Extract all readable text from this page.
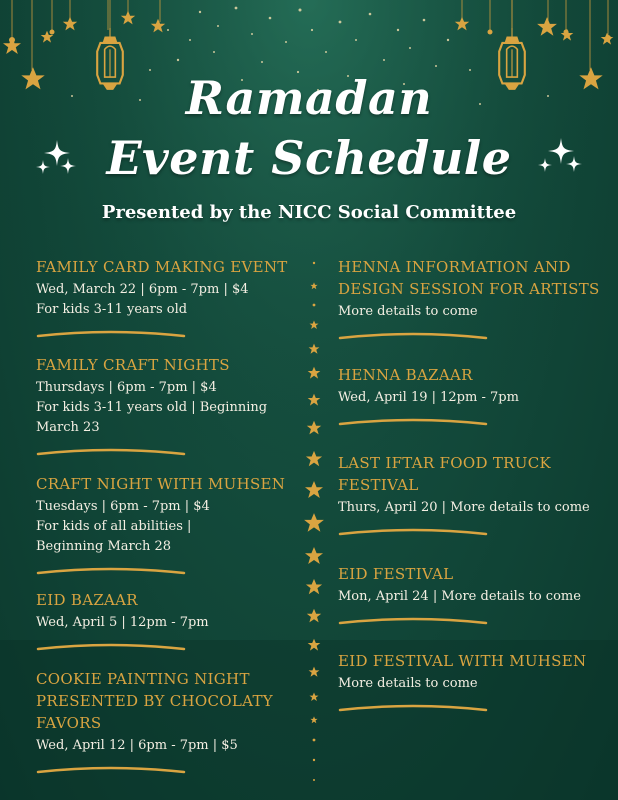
Ramadan
Event Schedule
Presented by the NICC Social Committee
FAMILY CARD MAKING EVENT
Wed, March 22 | 6pm - 7pm | $4
For kids 3-11 years old
FAMILY CRAFT NIGHTS
Thursdays | 6pm - 7pm | $4
For kids 3-11 years old | Beginning
March 23
CRAFT NIGHT WITH MUHSEN
Tuesdays | 6pm - 7pm | $4
For kids of all abilities |
Beginning March 28
EID BAZAAR
Wed, April 5 | 12pm - 7pm
COOKIE PAINTING NIGHT PRESENTED BY CHOCOLATY FAVORS
Wed, April 12 | 6pm - 7pm | $5
HENNA INFORMATION AND DESIGN SESSION FOR ARTISTS
More details to come
HENNA BAZAAR
Wed, April 19 | 12pm - 7pm
LAST IFTAR FOOD TRUCK FESTIVAL
Thurs, April 20 | More details to come
EID FESTIVAL
Mon, April 24 | More details to come
EID FESTIVAL WITH MUHSEN
More details to come
